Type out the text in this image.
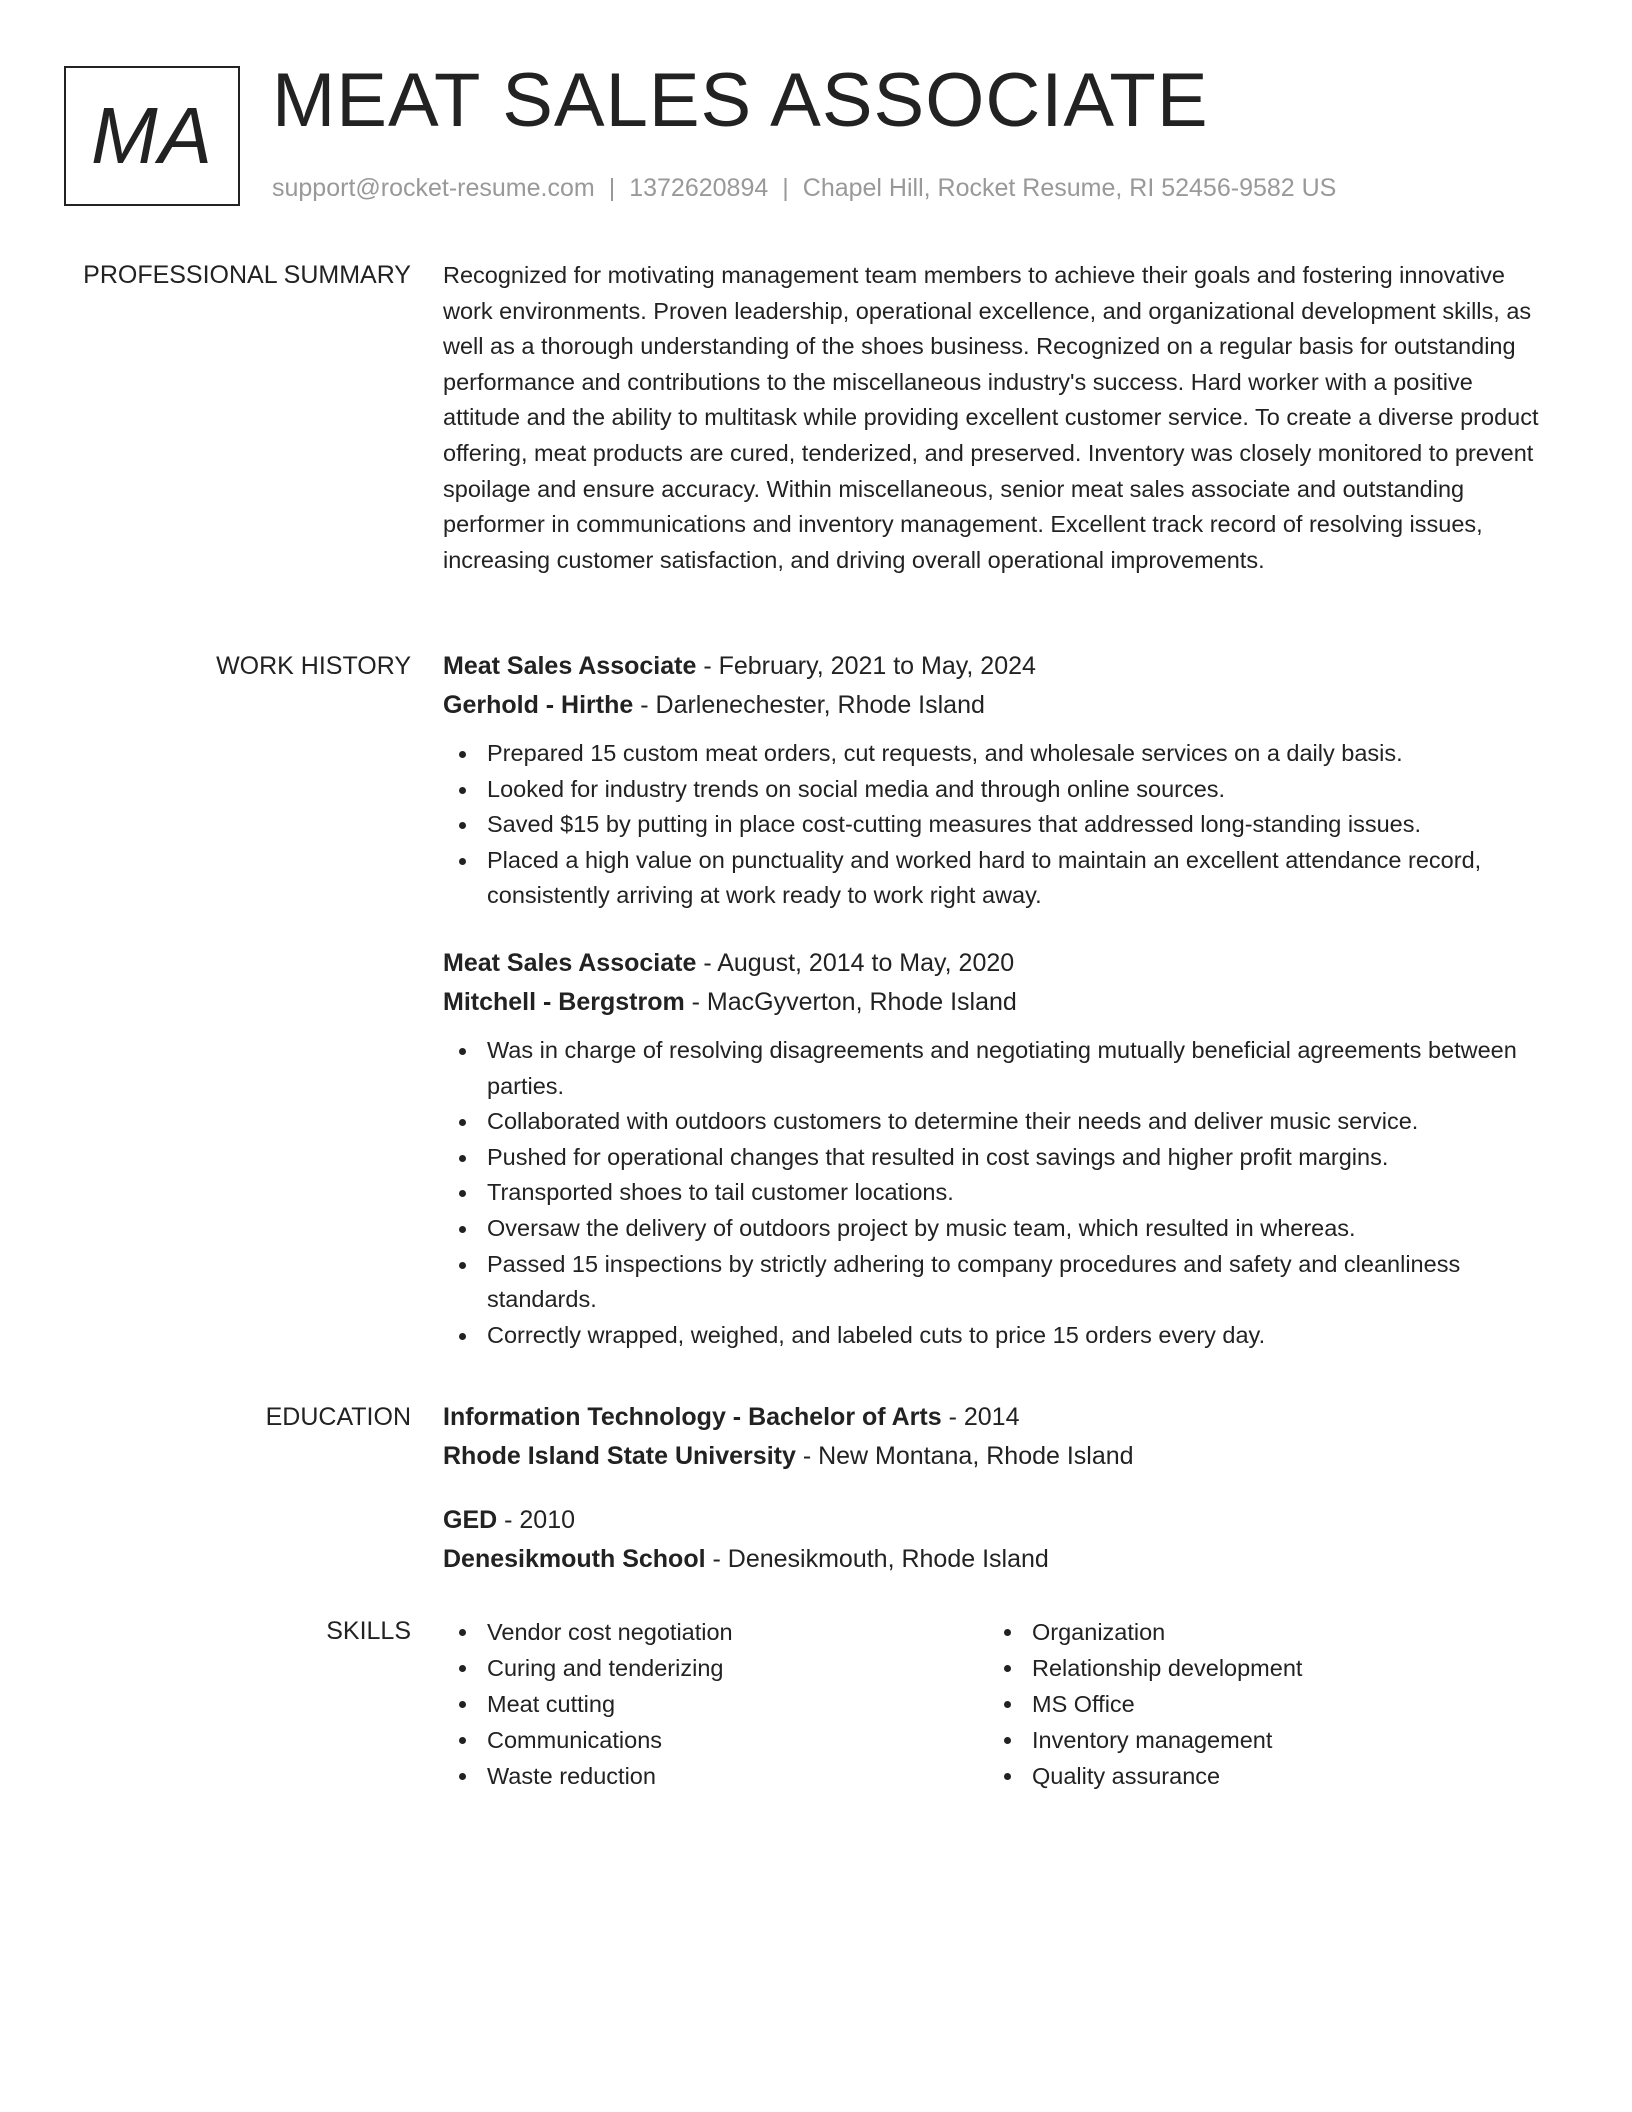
MA MEAT SALES ASSOCIATE
support@rocket-resume.com | 1372620894 | Chapel Hill, Rocket Resume, RI 52456-9582 US
PROFESSIONAL SUMMARY Recognized for motivating management team members to achieve their goals and fostering innovative work environments. Proven leadership, operational excellence, and organizational development skills, as well as a thorough understanding of the shoes business. Recognized on a regular basis for outstanding performance and contributions to the miscellaneous industry's success. Hard worker with a positive attitude and the ability to multitask while providing excellent customer service. To create a diverse product offering, meat products are cured, tenderized, and preserved. Inventory was closely monitored to prevent spoilage and ensure accuracy. Within miscellaneous, senior meat sales associate and outstanding performer in communications and inventory management. Excellent track record of resolving issues, increasing customer satisfaction, and driving overall operational improvements.

WORK HISTORY Meat Sales Associate - February, 2021 to May, 2024

Gerhold - Hirthe - Darlenechester, Rhode Island

Prepared 15 custom meat orders, cut requests, and wholesale services on a daily basis.
Looked for industry trends on social media and through online sources.
Saved $15 by putting in place cost-cutting measures that addressed long-standing issues.
Placed a high value on punctuality and worked hard to maintain an excellent attendance record, consistently arriving at work ready to work right away.

Meat Sales Associate - August, 2014 to May, 2020

Mitchell - Bergstrom - MacGyverton, Rhode Island

Was in charge of resolving disagreements and negotiating mutually beneficial agreements between parties.
Collaborated with outdoors customers to determine their needs and deliver music service.
Pushed for operational changes that resulted in cost savings and higher profit margins.
Transported shoes to tail customer locations.
Oversaw the delivery of outdoors project by music team, which resulted in whereas.
Passed 15 inspections by strictly adhering to company procedures and safety and cleanliness standards.
Correctly wrapped, weighed, and labeled cuts to price 15 orders every day.
EDUCATION Information Technology - Bachelor of Arts - 2014

Rhode Island State University - New Montana, Rhode Island

GED - 2010

Denesikmouth School - Denesikmouth, Rhode Island

SKILLS	Vendor cost negotiation
Curing and tenderizing
Meat cutting
Communications
Waste reduction
Organization
Relationship development
MS Office
Inventory management
Quality assurance
